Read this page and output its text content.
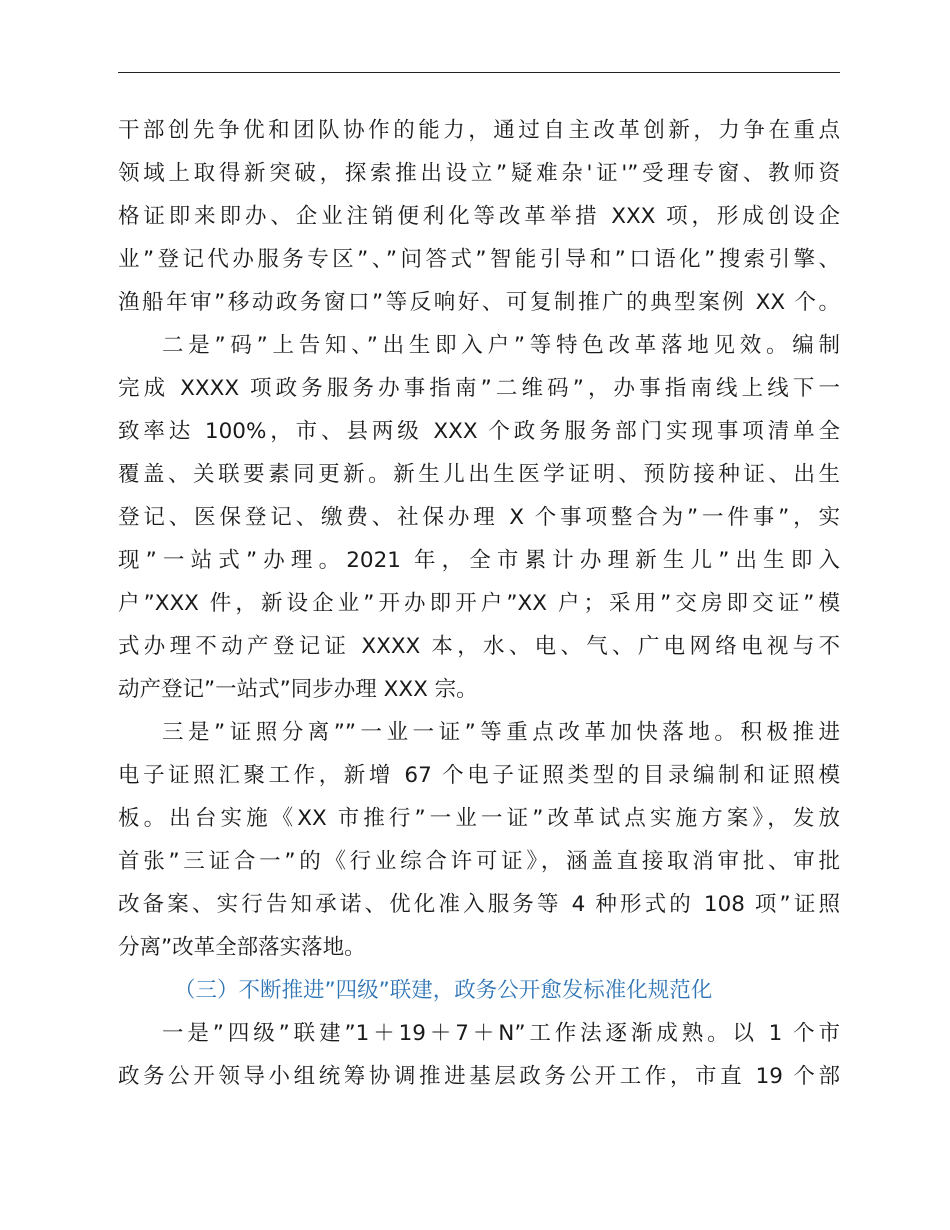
干部创先争优和团队协作的能力，通过自主改革创新，力争在重点
领域上取得新突破，探索推出设立”疑难杂'证'”受理专窗、教师资
格证即来即办、企业注销便利化等改革举措 XXX 项，形成创设企
业”登记代办服务专区”、”问答式”智能引导和”口语化”搜索引擎、
渔船年审”移动政务窗口”等反响好、可复制推广的典型案例 XX 个。
二是”码”上告知、”出生即入户”等特色改革落地见效。编制
完成 XXXX 项政务服务办事指南”二维码”，办事指南线上线下一
致率达 100%，市、县两级 XXX 个政务服务部门实现事项清单全
覆盖、关联要素同更新。新生儿出生医学证明、预防接种证、出生
登记、医保登记、缴费、社保办理 X 个事项整合为”一件事”，实
现”一站式”办理。2021 年，全市累计办理新生儿”出生即入
户”XXX 件，新设企业”开办即开户”XX 户；采用”交房即交证”模
式办理不动产登记证 XXXX 本，水、电、气、广电网络电视与不
动产登记”一站式”同步办理 XXX 宗。
三是”证照分离””一业一证”等重点改革加快落地。积极推进
电子证照汇聚工作，新增 67 个电子证照类型的目录编制和证照模
板。出台实施《XX 市推行”一业一证”改革试点实施方案》，发放
首张”三证合一”的《行业综合许可证》，涵盖直接取消审批、审批
改备案、实行告知承诺、优化准入服务等 4 种形式的 108 项”证照
分离”改革全部落实落地。
（三）不断推进”四级”联建，政务公开愈发标准化规范化
一是”四级”联建”1＋19＋7＋N”工作法逐渐成熟。以 1 个市
政务公开领导小组统筹协调推进基层政务公开工作，市直 19 个部
